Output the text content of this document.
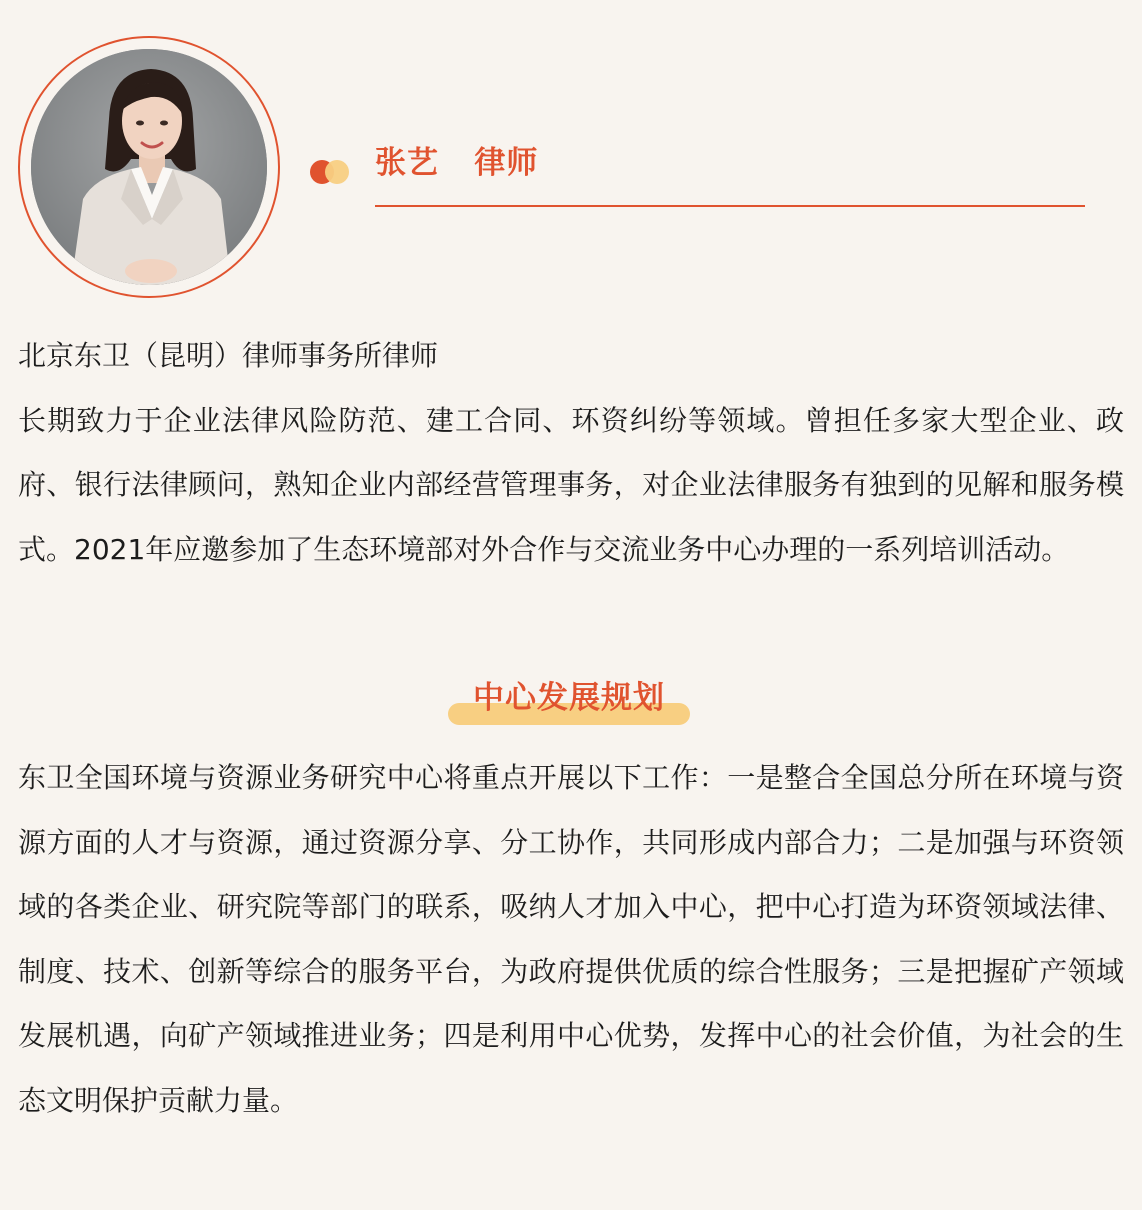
张艺 律师

北京东卫（昆明）律师事务所律师

长期致力于企业法律风险防范、建工合同、环资纠纷等领域。曾担任多家大型企业、政府、银行法律顾问，熟知企业内部经营管理事务，对企业法律服务有独到的见解和服务模式。2021年应邀参加了生态环境部对外合作与交流业务中心办理的一系列培训活动。

中心发展规划

东卫全国环境与资源业务研究中心将重点开展以下工作：一是整合全国总分所在环境与资源方面的人才与资源，通过资源分享、分工协作，共同形成内部合力；二是加强与环资领域的各类企业、研究院等部门的联系，吸纳人才加入中心，把中心打造为环资领域法律、制度、技术、创新等综合的服务平台，为政府提供优质的综合性服务；三是把握矿产领域发展机遇，向矿产领域推进业务；四是利用中心优势，发挥中心的社会价值，为社会的生态文明保护贡献力量。
